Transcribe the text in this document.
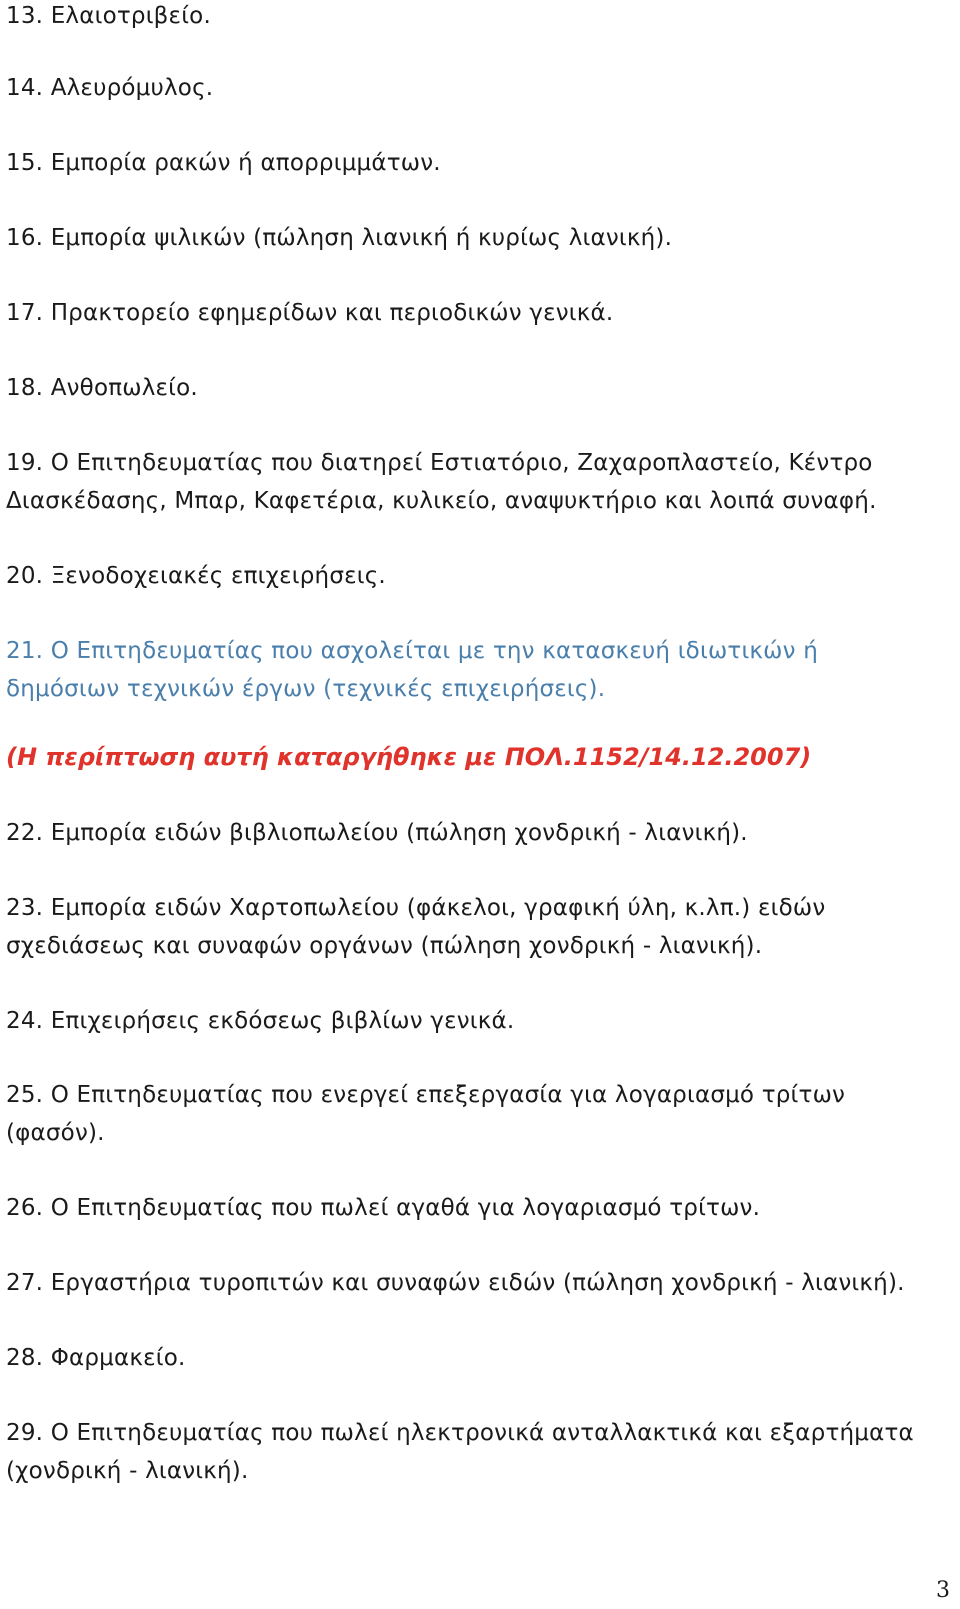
13. Ελαιοτριβείο.
14. Αλευρόμυλος.
15. Εμπορία ρακών ή απορριμμάτων.
16. Εμπορία ψιλικών (πώληση λιανική ή κυρίως λιανική).
17. Πρακτορείο εφημερίδων και περιοδικών γενικά.
18. Ανθοπωλείο.
19. Ο Επιτηδευματίας που διατηρεί Εστιατόριο, Ζαχαροπλαστείο, Κέντρο
Διασκέδασης, Μπαρ, Καφετέρια, κυλικείο, αναψυκτήριο και λοιπά συναφή.
20. Ξενοδοχειακές επιχειρήσεις.
21. Ο Επιτηδευματίας που ασχολείται με την κατασκευή ιδιωτικών ή
δημόσιων τεχνικών έργων (τεχνικές επιχειρήσεις).
(Η περίπτωση αυτή καταργήθηκε με ΠΟΛ.1152/14.12.2007)
22. Εμπορία ειδών βιβλιοπωλείου (πώληση χονδρική - λιανική).
23. Εμπορία ειδών Χαρτοπωλείου (φάκελοι, γραφική ύλη, κ.λπ.) ειδών
σχεδιάσεως και συναφών οργάνων (πώληση χονδρική - λιανική).
24. Επιχειρήσεις εκδόσεως βιβλίων γενικά.
25. Ο Επιτηδευματίας που ενεργεί επεξεργασία για λογαριασμό τρίτων
(φασόν).
26. Ο Επιτηδευματίας που πωλεί αγαθά για λογαριασμό τρίτων.
27. Εργαστήρια τυροπιτών και συναφών ειδών (πώληση χονδρική - λιανική).
28. Φαρμακείο.
29. Ο Επιτηδευματίας που πωλεί ηλεκτρονικά ανταλλακτικά και εξαρτήματα
(χονδρική - λιανική).
3
